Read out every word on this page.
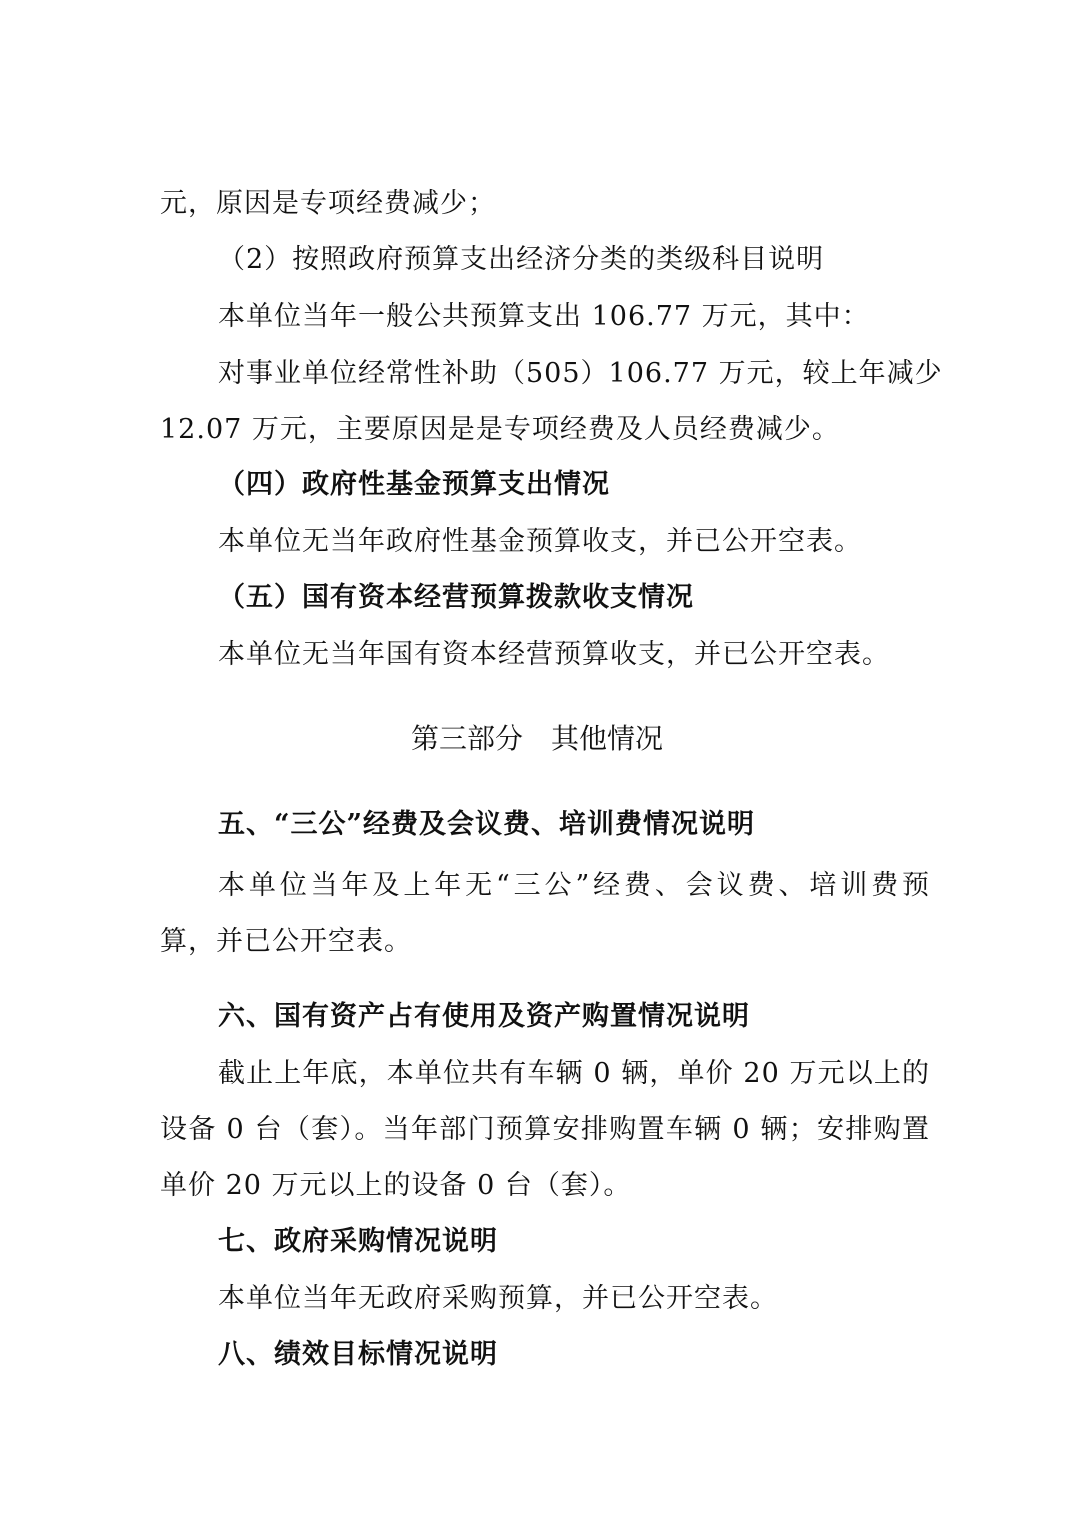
元，原因是专项经费减少；
（2）按照政府预算支出经济分类的类级科目说明
本单位当年一般公共预算支出 106.77 万元，其中：
对事业单位经常性补助（505）106.77 万元，较上年减少
12.07 万元，主要原因是是专项经费及人员经费减少。
（四）政府性基金预算支出情况
本单位无当年政府性基金预算收支，并已公开空表。
（五）国有资本经营预算拨款收支情况
本单位无当年国有资本经营预算收支，并已公开空表。
第三部分　其他情况
五、“三公”经费及会议费、培训费情况说明
本单位当年及上年无“三公”经费、会议费、培训费预
算，并已公开空表。
六、国有资产占有使用及资产购置情况说明
截止上年底，本单位共有车辆 0 辆，单价 20 万元以上的
设备 0 台（套）。当年部门预算安排购置车辆 0 辆；安排购置
单价 20 万元以上的设备 0 台（套）。
七、政府采购情况说明
本单位当年无政府采购预算，并已公开空表。
八、绩效目标情况说明
